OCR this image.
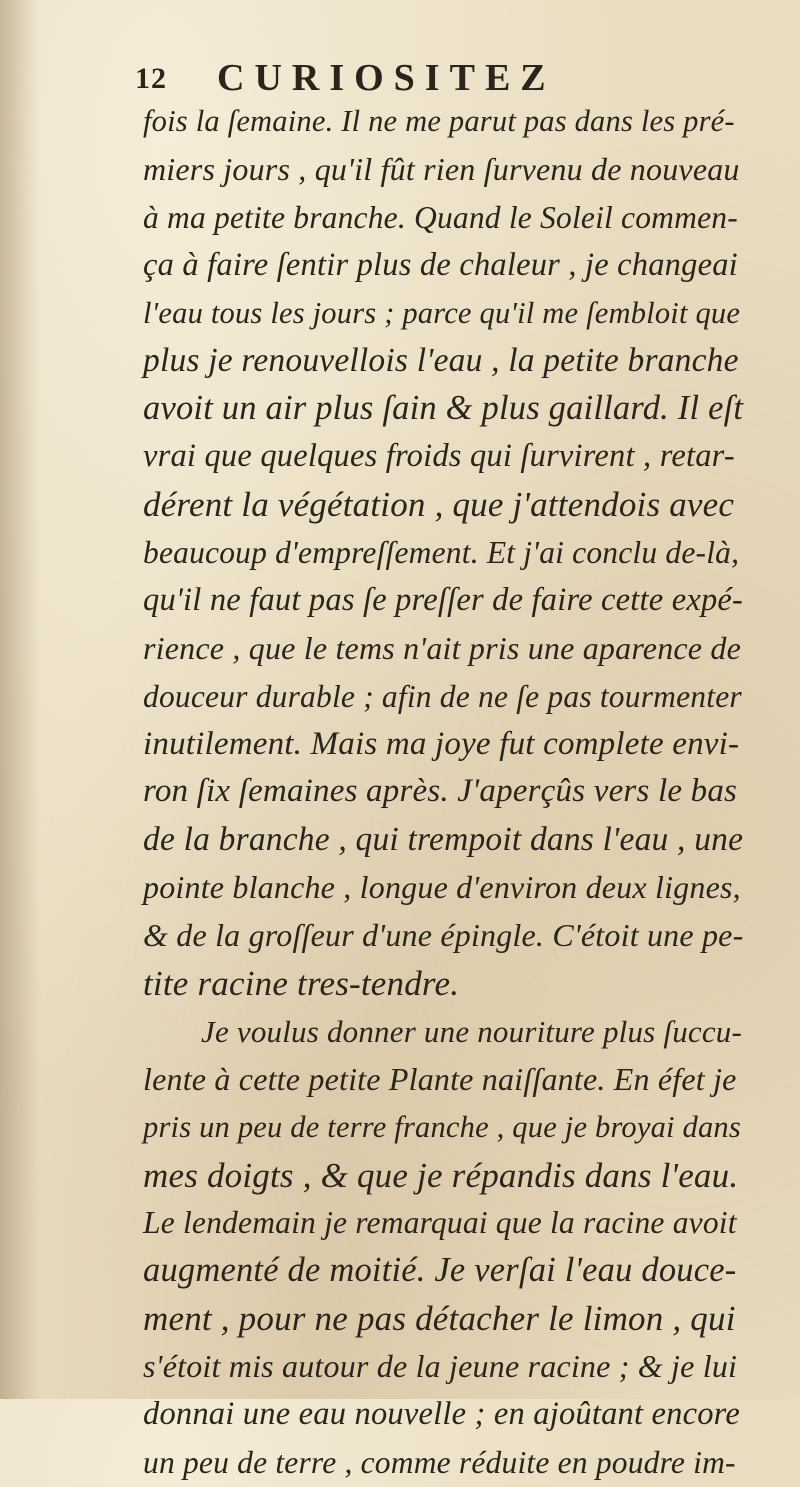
12 CURIOSITEZ
fois la ſemaine. Il ne me parut pas dans les pré-
miers jours , qu'il fût rien ſurvenu de nouveau
à ma petite branche. Quand le Soleil commen-
ça à faire ſentir plus de chaleur , je changeai
l'eau tous les jours ; parce qu'il me ſembloit que
plus je renouvellois l'eau , la petite branche
avoit un air plus ſain & plus gaillard. Il eſt
vrai que quelques froids qui ſurvirent , retar-
dérent la végétation , que j'attendois avec
beaucoup d'empreſſement. Et j'ai conclu de-là,
qu'il ne faut pas ſe preſſer de faire cette expé-
rience , que le tems n'ait pris une aparence de
douceur durable ; afin de ne ſe pas tourmenter
inutilement. Mais ma joye fut complete envi-
ron ſix ſemaines après. J'aperçûs vers le bas
de la branche , qui trempoit dans l'eau , une
pointe blanche , longue d'environ deux lignes,
& de la groſſeur d'une épingle. C'étoit une pe-
tite racine tres-tendre.
Je voulus donner une nouriture plus ſuccu-
lente à cette petite Plante naiſſante. En éfet je
pris un peu de terre franche , que je broyai dans
mes doigts , & que je répandis dans l'eau.
Le lendemain je remarquai que la racine avoit
augmenté de moitié. Je verſai l'eau douce-
ment , pour ne pas détacher le limon , qui
s'étoit mis autour de la jeune racine ; & je lui
donnai une eau nouvelle ; en ajoûtant encore
un peu de terre , comme réduite en poudre im-
